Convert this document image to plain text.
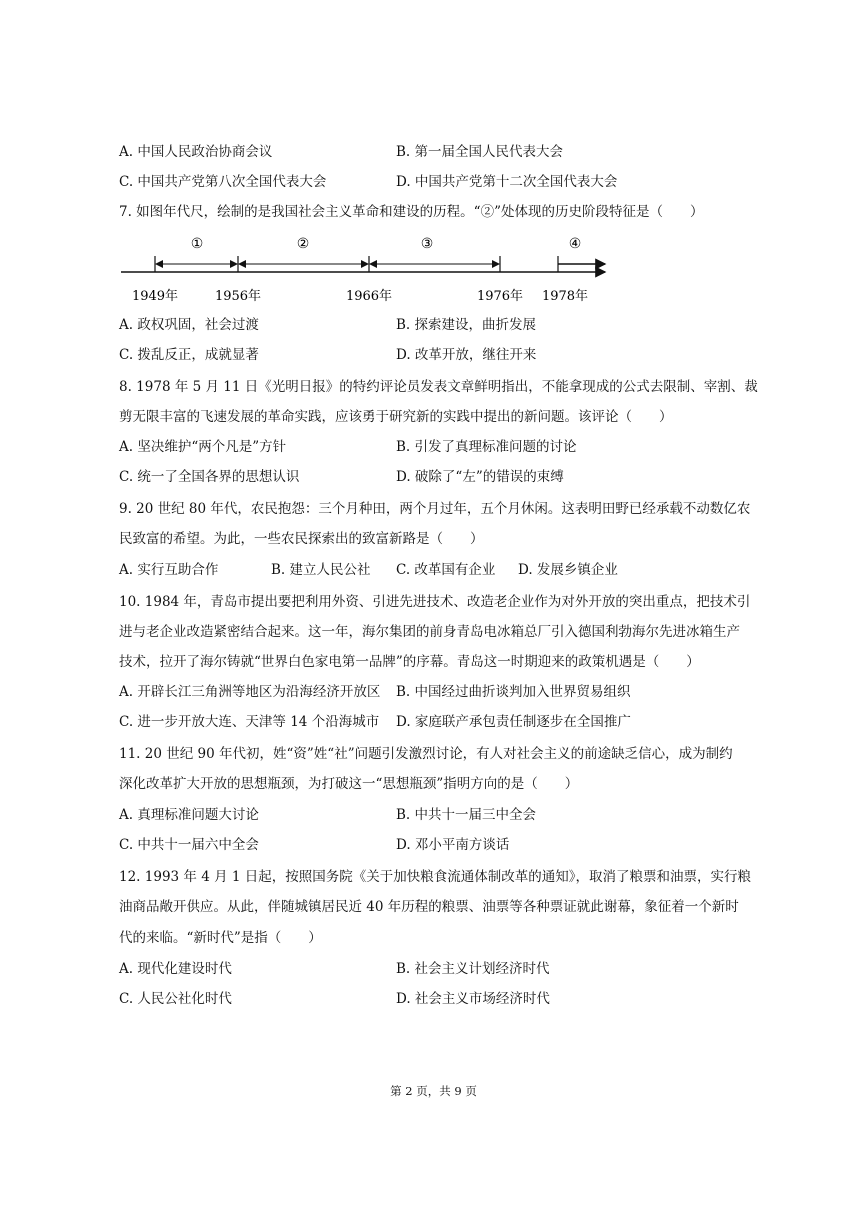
A. 中国人民政治协商会议	B. 第一届全国人民代表大会
C. 中国共产党第八次全国代表大会	D. 中国共产党第十二次全国代表大会
7. 如图年代尺，绘制的是我国社会主义革命和建设的历程。“②”处体现的历史阶段特征是（　　）
①	②	③	④
1949年	1956年	1966年	1976年 1978年
A. 政权巩固，社会过渡	B. 探索建设，曲折发展
C. 拨乱反正，成就显著	D. 改革开放，继往开来
8. 1978 年 5 月 11 日《光明日报》的特约评论员发表文章鲜明指出，不能拿现成的公式去限制、宰割、裁
剪无限丰富的飞速发展的革命实践，应该勇于研究新的实践中提出的新问题。该评论（　　）
A. 坚决维护“两个凡是”方针	B. 引发了真理标准问题的讨论
C. 统一了全国各界的思想认识	D. 破除了“左”的错误的束缚
9. 20 世纪 80 年代，农民抱怨：三个月种田，两个月过年，五个月休闲。这表明田野已经承载不动数亿农
民致富的希望。为此，一些农民探索出的致富新路是（　　）
A. 实行互助合作	B. 建立人民公社 C. 改革国有企业 D. 发展乡镇企业
10. 1984 年，青岛市提出要把利用外资、引进先进技术、改造老企业作为对外开放的突出重点，把技术引
进与老企业改造紧密结合起来。这一年，海尔集团的前身青岛电冰箱总厂引入德国利勃海尔先进冰箱生产
技术，拉开了海尔铸就“世界白色家电第一品牌”的序幕。青岛这一时期迎来的政策机遇是（　　）
A. 开辟长江三角洲等地区为沿海经济开放区 B. 中国经过曲折谈判加入世界贸易组织
C. 进一步开放大连、天津等 14 个沿海城市 D. 家庭联产承包责任制逐步在全国推广
11. 20 世纪 90 年代初，姓“资”姓“社”问题引发激烈讨论，有人对社会主义的前途缺乏信心，成为制约
深化改革扩大开放的思想瓶颈，为打破这一“思想瓶颈”指明方向的是（　　）
A. 真理标准问题大讨论	B. 中共十一届三中全会
C. 中共十一届六中全会	D. 邓小平南方谈话
12. 1993 年 4 月 1 日起，按照国务院《关于加快粮食流通体制改革的通知》，取消了粮票和油票，实行粮
油商品敞开供应。从此，伴随城镇居民近 40 年历程的粮票、油票等各种票证就此谢幕，象征着一个新时
代的来临。“新时代”是指（　　）
A. 现代化建设时代	B. 社会主义计划经济时代
C. 人民公社化时代	D. 社会主义市场经济时代
第 2 页，共 9 页
